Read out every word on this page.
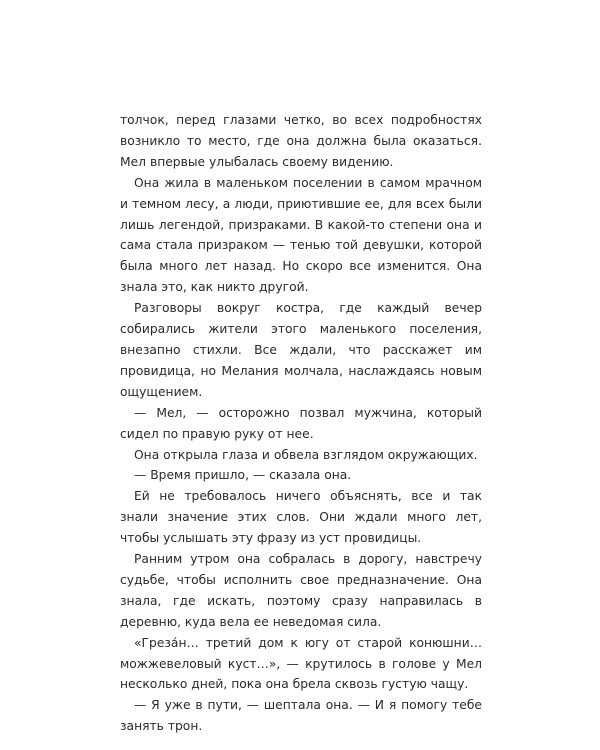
толчок, перед глазами четко, во всех подробностях возникло то место, где она должна была оказаться. Мел впервые улыбалась своему видению.

Она жила в маленьком поселении в самом мрачном и темном лесу, а люди, приютившие ее, для всех были лишь легендой, призраками. В какой-то степени она и сама стала призраком — тенью той девушки, которой была много лет назад. Но скоро все изменится. Она знала это, как никто другой.

Разговоры вокруг костра, где каждый вечер собирались жители этого маленького поселения, внезапно стихли. Все ждали, что расскажет им провидица, но Мелания молчала, наслаждаясь новым ощущением.

— Мел, — осторожно позвал мужчина, который сидел по правую руку от нее.

Она открыла глаза и обвела взглядом окружающих.

— Время пришло, — сказала она.

Ей не требовалось ничего объяснять, все и так знали значение этих слов. Они ждали много лет, чтобы услышать эту фразу из уст провидицы.

Ранним утром она собралась в дорогу, навстречу судьбе, чтобы исполнить свое предназначение. Она знала, где искать, поэтому сразу направилась в деревню, куда вела ее неведомая сила.

«Греза́н… третий дом к югу от старой конюшни… можжевеловый куст…», — крутилось в голове у Мел несколько дней, пока она брела сквозь густую чащу.

— Я уже в пути, — шептала она. — И я помогу тебе занять трон.
